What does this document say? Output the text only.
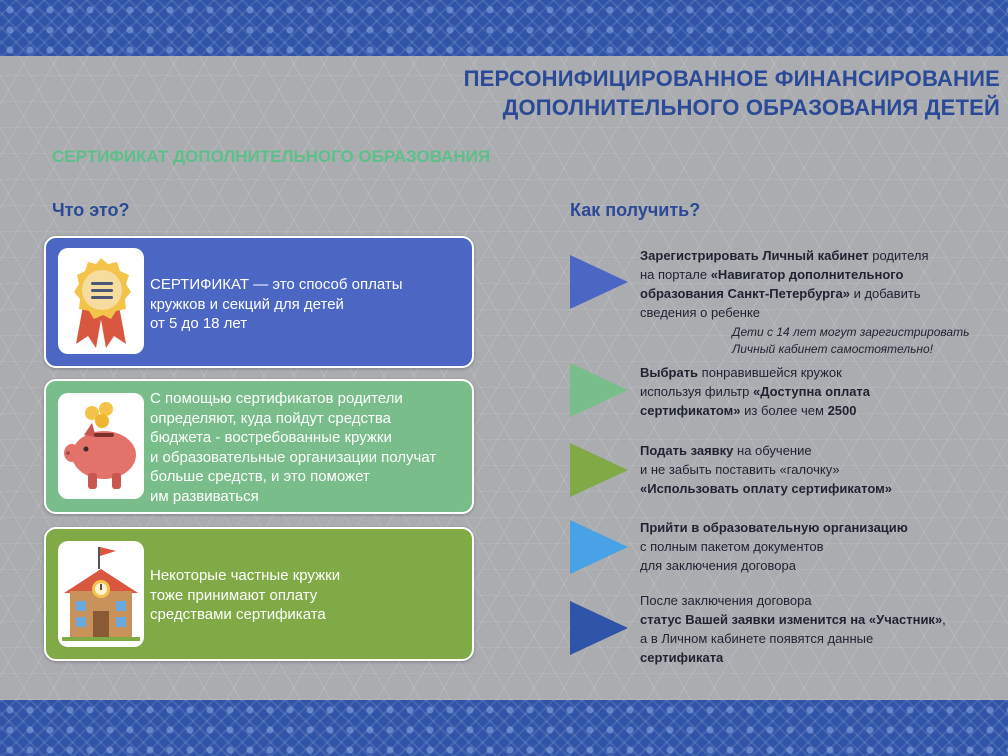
ПЕРСОНИФИЦИРОВАННОЕ ФИНАНСИРОВАНИЕ
ДОПОЛНИТЕЛЬНОГО ОБРАЗОВАНИЯ ДЕТЕЙ
СЕРТИФИКАТ ДОПОЛНИТЕЛЬНОГО ОБРАЗОВАНИЯ
Что это?	Как получить?
СЕРТИФИКАТ — это способ оплаты
кружков и секций для детей
от 5 до 18 лет
С помощью сертификатов родители
определяют, куда пойдут средства
бюджета - востребованные кружки
и образовательные организации получат
больше средств, и это поможет
им развиваться
Некоторые частные кружки
тоже принимают оплату
средствами сертификата
Зарегистрировать Личный кабинет родителя
на портале «Навигатор дополнительного
образования Санкт-Петербурга» и добавить
сведения о ребенке
Дети с 14 лет могут зарегистрировать
Личный кабинет самостоятельно!
Выбрать понравившейся кружок
используя фильтр «Доступна оплата
сертификатом» из более чем 2500
Подать заявку на обучение
и не забыть поставить «галочку»
«Использовать оплату сертификатом»
Прийти в образовательную организацию
с полным пакетом документов
для заключения договора
После заключения договора
статус Вашей заявки изменится на «Участник»,
а в Личном кабинете появятся данные
сертификата
